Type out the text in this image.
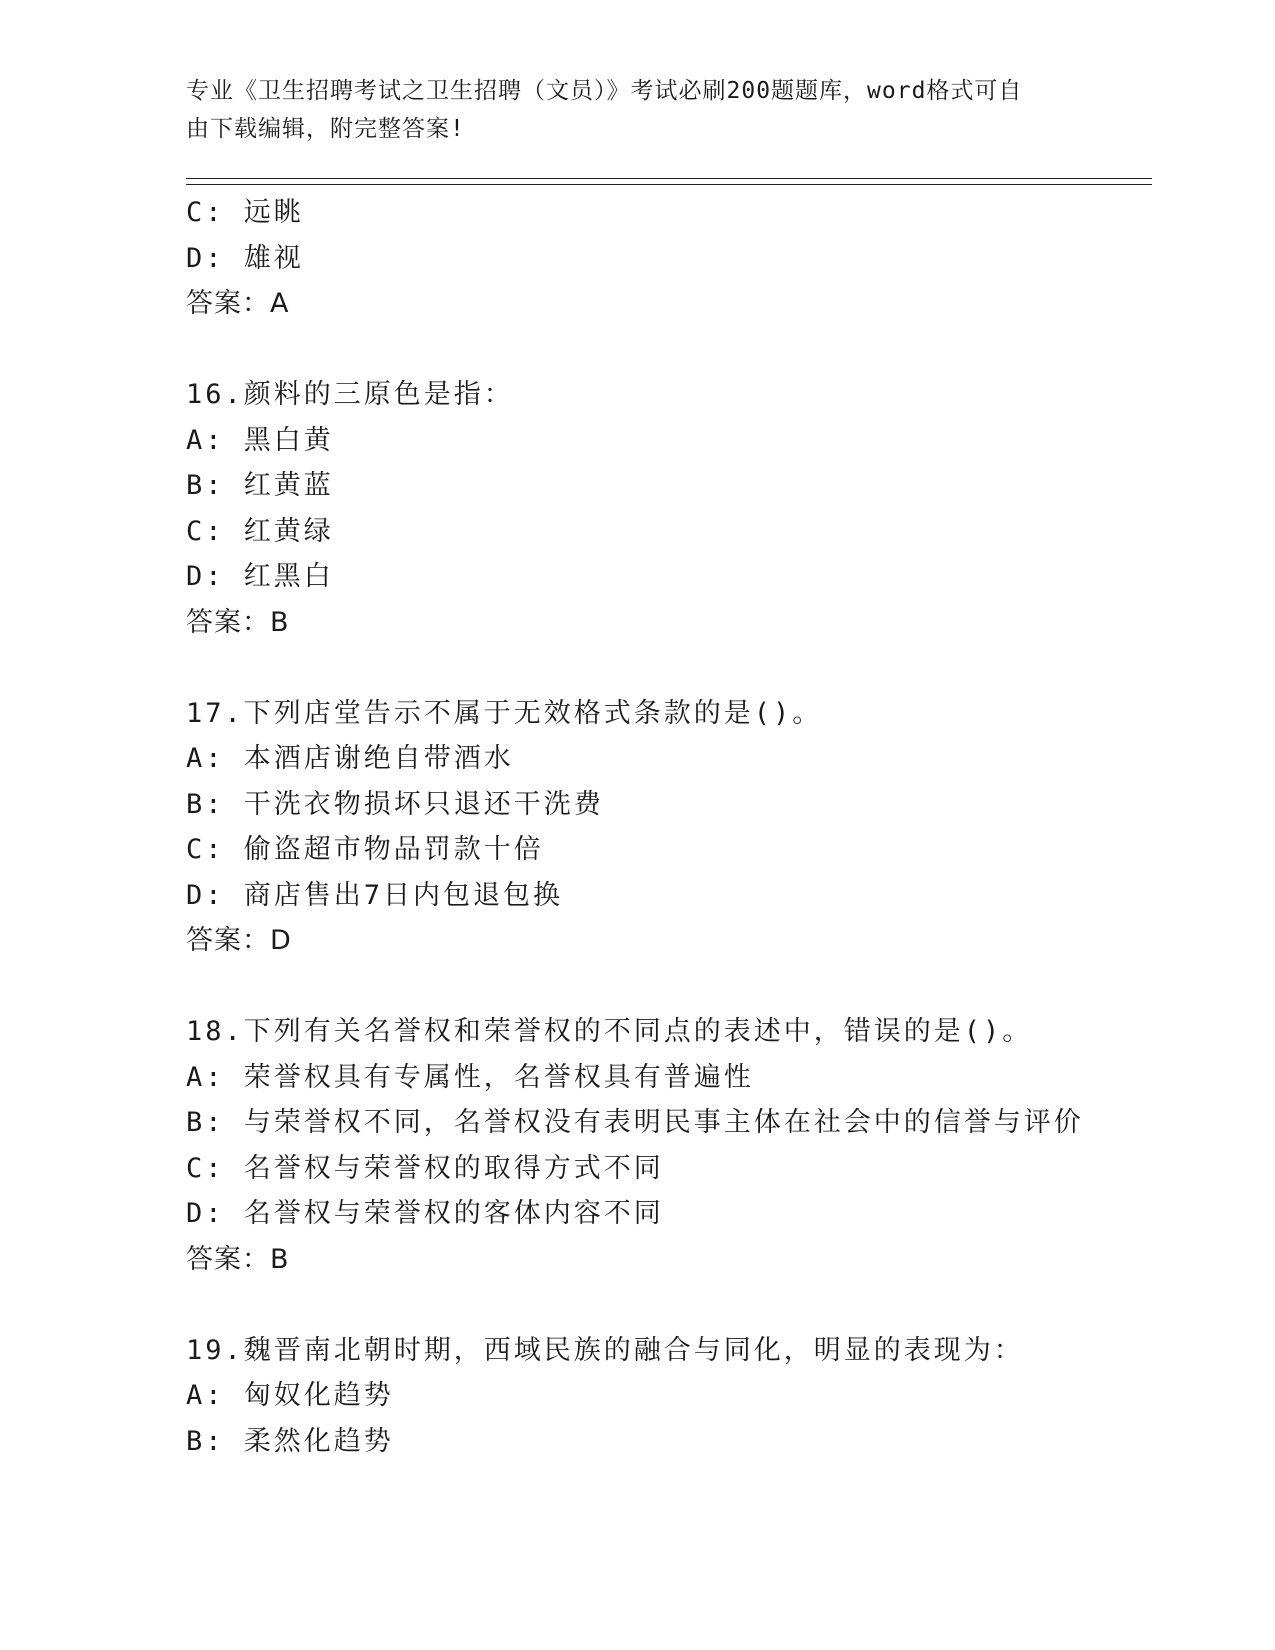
专业《卫生招聘考试之卫生招聘（文员）》考试必刷200题题库，word格式可自
由下载编辑，附完整答案!
C: 远眺
D: 雄视
答案：A
16.颜料的三原色是指：
A: 黑白黄
B: 红黄蓝
C: 红黄绿
D: 红黑白
答案：B
17.下列店堂告示不属于无效格式条款的是()。
A: 本酒店谢绝自带酒水
B: 干洗衣物损坏只退还干洗费
C: 偷盗超市物品罚款十倍
D: 商店售出7日内包退包换
答案：D
18.下列有关名誉权和荣誉权的不同点的表述中，错误的是()。
A: 荣誉权具有专属性，名誉权具有普遍性
B: 与荣誉权不同，名誉权没有表明民事主体在社会中的信誉与评价
C: 名誉权与荣誉权的取得方式不同
D: 名誉权与荣誉权的客体内容不同
答案：B
19.魏晋南北朝时期，西域民族的融合与同化，明显的表现为：
A: 匈奴化趋势
B: 柔然化趋势
